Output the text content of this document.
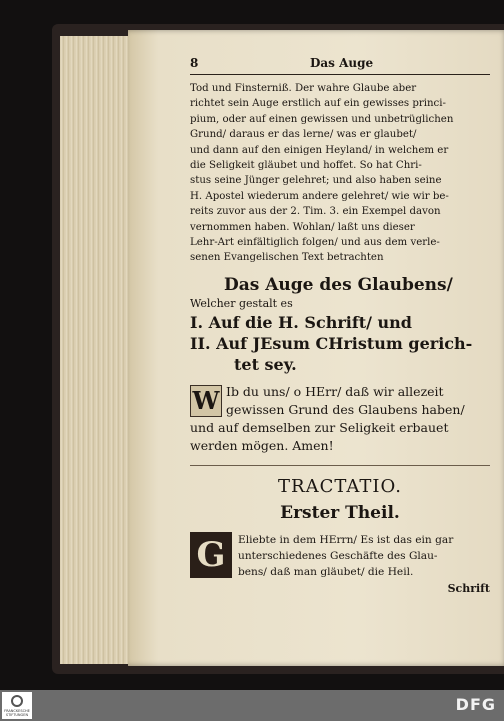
8	Das Auge
Tod und Finsterniß. Der wahre Glaube aber
richtet sein Auge erstlich auf ein gewisses princi-
pium, oder auf einen gewissen und unbetrüglichen
Grund/ daraus er das lerne/ was er glaubet/
und dann auf den einigen Heyland/ in welchem er
die Seligkeit gläubet und hoffet. So hat Chri-
stus seine Jünger gelehret; und also haben seine
H. Apostel wiederum andere gelehret/ wie wir be-
reits zuvor aus der 2. Tim. 3. ein Exempel davon
vernommen haben. Wohlan/ laßt uns dieser
Lehr-Art einfältiglich folgen/ und aus dem verle-
senen Evangelischen Text betrachten
Das Auge des Glaubens/
Welcher gestalt es
I. Auf die H. Schrift/ und
II. Auf JEsum CHristum gerich-
tet sey.
W Ib du uns/ o HErr/ daß wir allezeit
gewissen Grund des Glaubens haben/
und auf demselben zur Seligkeit erbauet
werden mögen. Amen!
TRACTATIO.
Erster Theil.
G	Eliebte in dem HErrn/ Es ist das ein gar
unterschiedenes Geschäfte des Glau-
bens/ daß man gläubet/ die Heil.
Schrift
FRANCKESCHE STIFTUNGEN
DFG
